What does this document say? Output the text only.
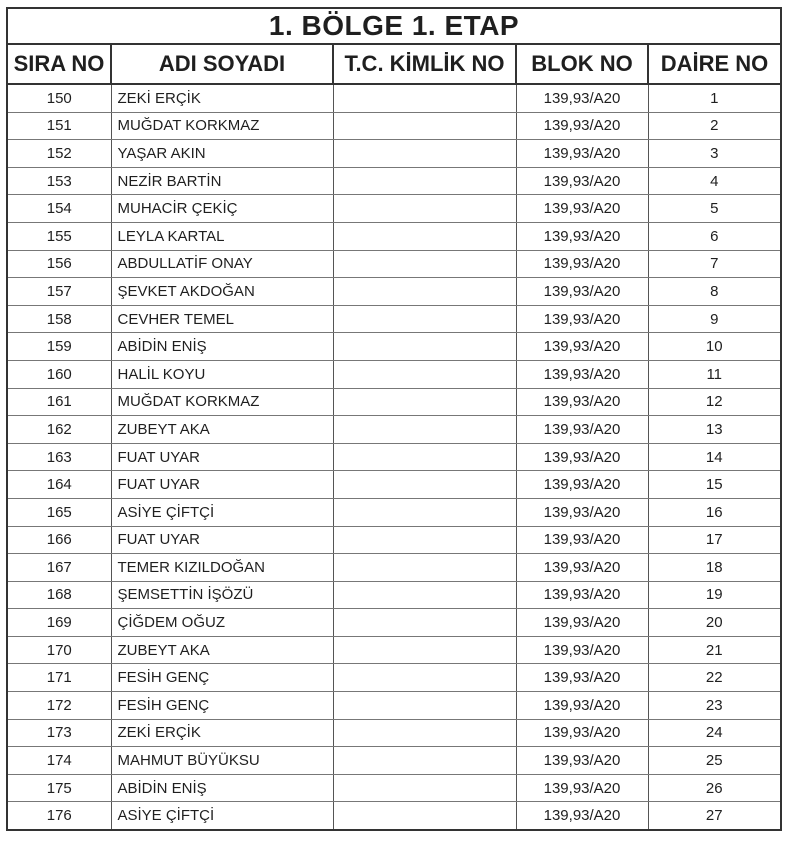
1. BÖLGE 1. ETAP
SIRA NO	ADI SOYADI	T.C. KİMLİK NO	BLOK NO	DAİRE NO
150	ZEKİ ERÇİK		139,93/A20	1
151	MUĞDAT KORKMAZ		139,93/A20	2
152	YAŞAR AKIN		139,93/A20	3
153	NEZİR BARTİN		139,93/A20	4
154	MUHACİR ÇEKİÇ		139,93/A20	5
155	LEYLA KARTAL		139,93/A20	6
156	ABDULLATİF ONAY		139,93/A20	7
157	ŞEVKET AKDOĞAN		139,93/A20	8
158	CEVHER TEMEL		139,93/A20	9
159	ABİDİN ENİŞ		139,93/A20	10
160	HALİL KOYU		139,93/A20	11
161	MUĞDAT KORKMAZ		139,93/A20	12
162	ZUBEYT AKA		139,93/A20	13
163	FUAT UYAR		139,93/A20	14
164	FUAT UYAR		139,93/A20	15
165	ASİYE ÇİFTÇİ		139,93/A20	16
166	FUAT UYAR		139,93/A20	17
167	TEMER KIZILDOĞAN		139,93/A20	18
168	ŞEMSETTİN İŞÖZÜ		139,93/A20	19
169	ÇİĞDEM OĞUZ		139,93/A20	20
170	ZUBEYT AKA		139,93/A20	21
171	FESİH GENÇ		139,93/A20	22
172	FESİH GENÇ		139,93/A20	23
173	ZEKİ ERÇİK		139,93/A20	24
174	MAHMUT BÜYÜKSU		139,93/A20	25
175	ABİDİN ENİŞ		139,93/A20	26
176	ASİYE ÇİFTÇİ		139,93/A20	27
